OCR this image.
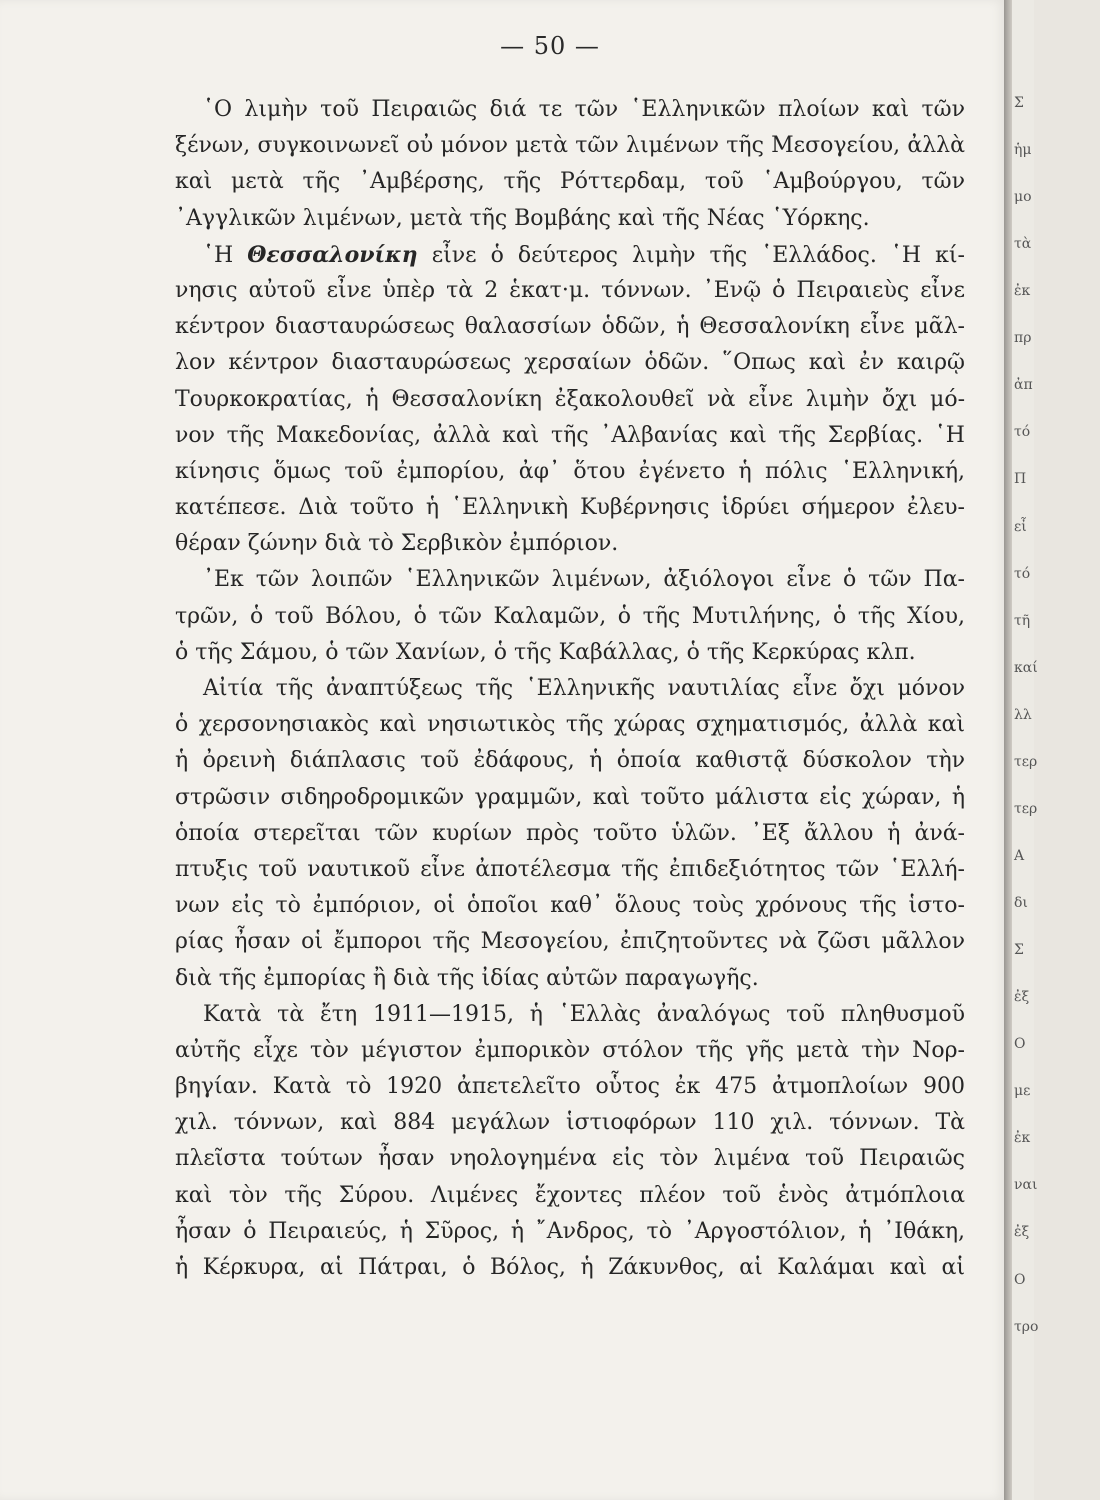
— 50 —
῾Ο λιμὴν τοῦ Πειραιῶς διά τε τῶν ῾Ελληνικῶν πλοίων καὶ τῶν
ξένων, συγκοινωνεῖ οὐ μόνον μετὰ τῶν λιμένων τῆς Μεσογείου, ἀλλὰ
καὶ μετὰ τῆς ᾿Αμβέρσης, τῆς Ρόττερδαμ, τοῦ ῾Αμβούργου, τῶν
᾿Αγγλικῶν λιμένων, μετὰ τῆς Βομβάης καὶ τῆς Νέας ῾Υόρκης.
῾Η Θεσσαλονίκη εἶνε ὁ δεύτερος λιμὴν τῆς ῾Ελλάδος. ῾Η κί-
νησις αὐτοῦ εἶνε ὑπὲρ τὰ 2 ἑκατ·μ. τόννων. ᾿Ενῷ ὁ Πειραιεὺς εἶνε
κέντρον διασταυρώσεως θαλασσίων ὁδῶν, ἡ Θεσσαλονίκη εἶνε μᾶλ-
λον κέντρον διασταυρώσεως χερσαίων ὁδῶν. ῞Οπως καὶ ἐν καιρῷ
Τουρκοκρατίας, ἡ Θεσσαλονίκη ἐξακολουθεῖ νὰ εἶνε λιμὴν ὄχι μό-
νον τῆς Μακεδονίας, ἀλλὰ καὶ τῆς ᾿Αλβανίας καὶ τῆς Σερβίας. ῾Η
κίνησις ὅμως τοῦ ἐμπορίου, ἀφ᾿ ὅτου ἐγένετο ἡ πόλις ῾Ελληνική,
κατέπεσε. Διὰ τοῦτο ἡ ῾Ελληνικὴ Κυβέρνησις ἱδρύει σήμερον ἐλευ-
θέραν ζώνην διὰ τὸ Σερβικὸν ἐμπόριον.
᾿Εκ τῶν λοιπῶν ῾Ελληνικῶν λιμένων, ἀξιόλογοι εἶνε ὁ τῶν Πα-
τρῶν, ὁ τοῦ Βόλου, ὁ τῶν Καλαμῶν, ὁ τῆς Μυτιλήνης, ὁ τῆς Χίου,
ὁ τῆς Σάμου, ὁ τῶν Χανίων, ὁ τῆς Καβάλλας, ὁ τῆς Κερκύρας κλπ.
Αἰτία τῆς ἀναπτύξεως τῆς ῾Ελληνικῆς ναυτιλίας εἶνε ὄχι μόνον
ὁ χερσονησιακὸς καὶ νησιωτικὸς τῆς χώρας σχηματισμός, ἀλλὰ καὶ
ἡ ὀρεινὴ διάπλασις τοῦ ἐδάφους, ἡ ὁποία καθιστᾷ δύσκολον τὴν
στρῶσιν σιδηροδρομικῶν γραμμῶν, καὶ τοῦτο μάλιστα εἰς χώραν, ἡ
ὁποία στερεῖται τῶν κυρίων πρὸς τοῦτο ὑλῶν. ᾿Εξ ἄλλου ἡ ἀνά-
πτυξις τοῦ ναυτικοῦ εἶνε ἀποτέλεσμα τῆς ἐπιδεξιότητος τῶν ῾Ελλή-
νων εἰς τὸ ἐμπόριον, οἱ ὁποῖοι καθ᾿ ὅλους τοὺς χρόνους τῆς ἱστο-
ρίας ἦσαν οἱ ἔμποροι τῆς Μεσογείου, ἐπιζητοῦντες νὰ ζῶσι μᾶλλον
διὰ τῆς ἐμπορίας ἢ διὰ τῆς ἰδίας αὐτῶν παραγωγῆς.
Κατὰ τὰ ἔτη 1911—1915, ἡ ῾Ελλὰς ἀναλόγως τοῦ πληθυσμοῦ
αὐτῆς εἶχε τὸν μέγιστον ἐμπορικὸν στόλον τῆς γῆς μετὰ τὴν Νορ-
βηγίαν. Κατὰ τὸ 1920 ἀπετελεῖτο οὗτος ἐκ 475 ἀτμοπλοίων 900
χιλ. τόννων, καὶ 884 μεγάλων ἱστιοφόρων 110 χιλ. τόννων. Τὰ
πλεῖστα τούτων ἦσαν νηολογημένα εἰς τὸν λιμένα τοῦ Πειραιῶς
καὶ τὸν τῆς Σύρου. Λιμένες ἔχοντες πλέον τοῦ ἑνὸς ἀτμόπλοια
ἦσαν ὁ Πειραιεύς, ἡ Σῦρος, ἡ ῎Ανδρος, τὸ ᾿Αργοστόλιον, ἡ ᾿Ιθάκη,
ἡ Κέρκυρα, αἱ Πάτραι, ὁ Βόλος, ἡ Ζάκυνθος, αἱ Καλάμαι καὶ αἱ
Σ
ἡμ
μο
τὰ
ἐκ
πρ
ἀπ
τό
Π
εἶ
τό
τῆ
καί
λλ
τερ
τερ
Α
δι
Σ
ἐξ
Ο
με
ἐκ
ναι
ἐξ
Ο
τρο
